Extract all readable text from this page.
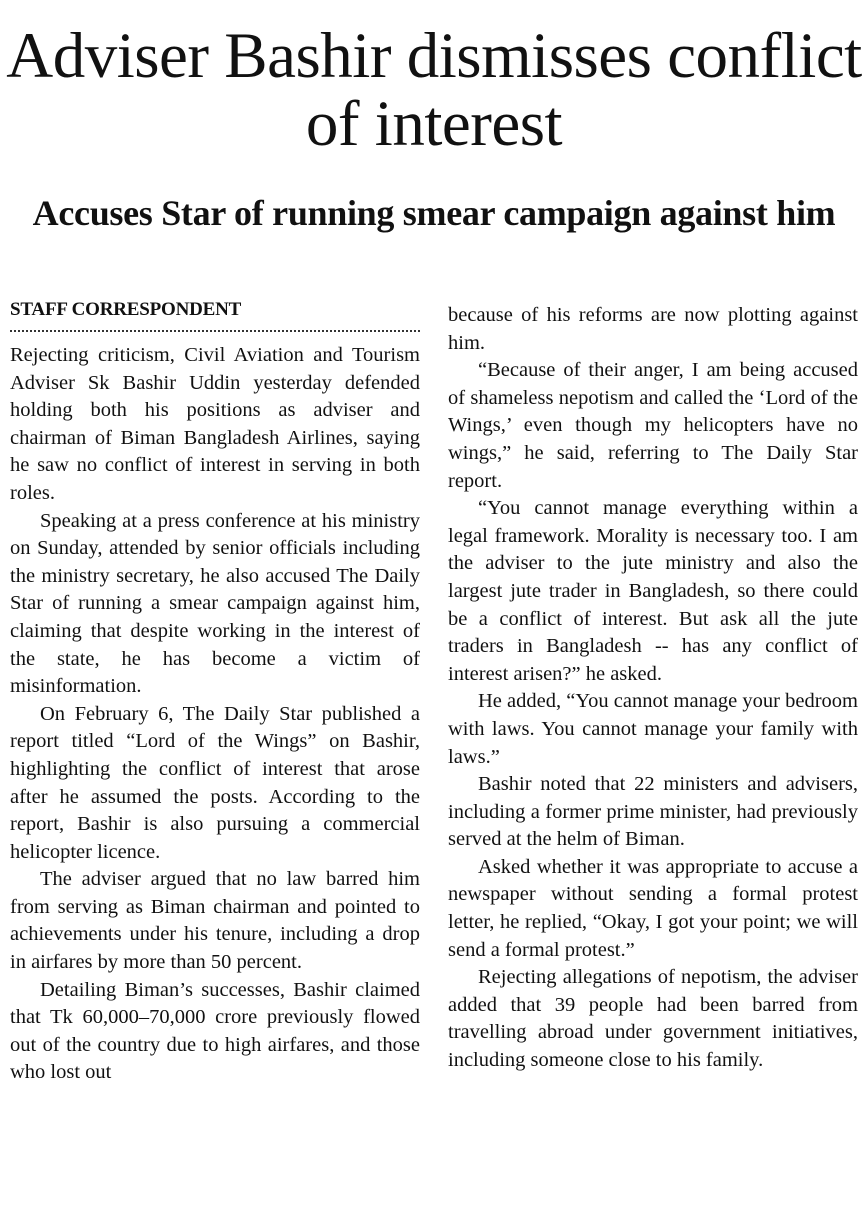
Adviser Bashir dismisses conflict of interest
Accuses Star of running smear campaign against him
STAFF CORRESPONDENT

Rejecting criticism, Civil Aviation and Tourism Adviser Sk Bashir Uddin yesterday defended holding both his positions as adviser and chairman of Biman Bangladesh Airlines, saying he saw no conflict of interest in serving in both roles.

Speaking at a press conference at his ministry on Sunday, attended by senior officials including the ministry secretary, he also accused The Daily Star of running a smear campaign against him, claiming that despite working in the interest of the state, he has become a victim of misinformation.

On February 6, The Daily Star published a report titled “Lord of the Wings” on Bashir, highlighting the conflict of interest that arose after he assumed the posts. According to the report, Bashir is also pursuing a commercial helicopter licence.

The adviser argued that no law barred him from serving as Biman chairman and pointed to achievements under his tenure, including a drop in airfares by more than 50 percent.

Detailing Biman’s successes, Bashir claimed that Tk 60,000–70,000 crore previously flowed out of the country due to high airfares, and those who lost out

because of his reforms are now plotting against him.

“Because of their anger, I am being accused of shameless nepotism and called the ‘Lord of the Wings,’ even though my helicopters have no wings,” he said, referring to The Daily Star report.

“You cannot manage everything within a legal framework. Morality is necessary too. I am the adviser to the jute ministry and also the largest jute trader in Bangladesh, so there could be a conflict of interest. But ask all the jute traders in Bangladesh -- has any conflict of interest arisen?” he asked.

He added, “You cannot manage your bedroom with laws. You cannot manage your family with laws.”

Bashir noted that 22 ministers and advisers, including a former prime minister, had previously served at the helm of Biman.

Asked whether it was appropriate to accuse a newspaper without sending a formal protest letter, he replied, “Okay, I got your point; we will send a formal protest.”

Rejecting allegations of nepotism, the adviser added that 39 people had been barred from travelling abroad under government initiatives, including someone close to his family.
